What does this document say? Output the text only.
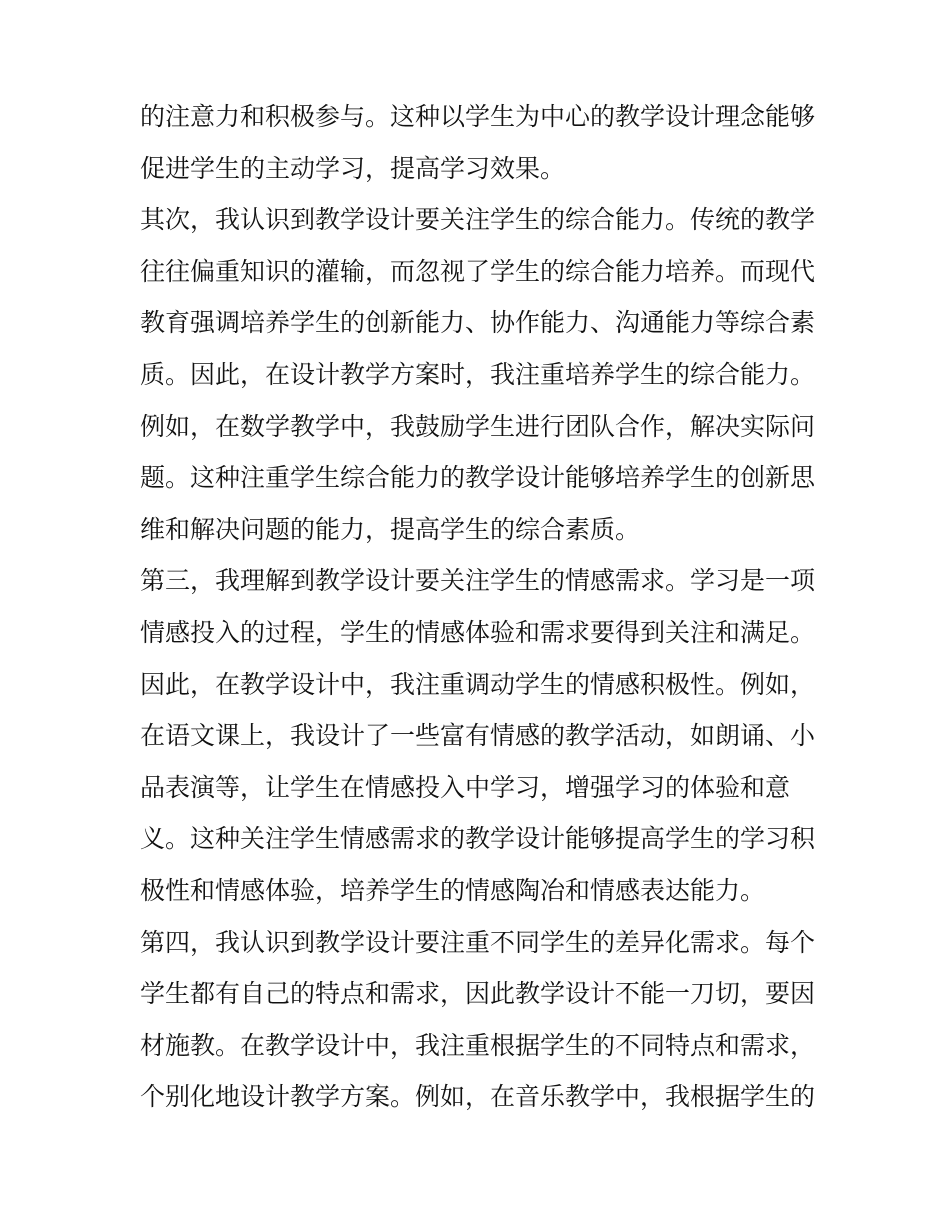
的注意力和积极参与。这种以学生为中心的教学设计理念能够
促进学生的主动学习，提高学习效果。
其次，我认识到教学设计要关注学生的综合能力。传统的教学
往往偏重知识的灌输，而忽视了学生的综合能力培养。而现代
教育强调培养学生的创新能力、协作能力、沟通能力等综合素
质。因此，在设计教学方案时，我注重培养学生的综合能力。
例如，在数学教学中，我鼓励学生进行团队合作，解决实际问
题。这种注重学生综合能力的教学设计能够培养学生的创新思
维和解决问题的能力，提高学生的综合素质。
第三，我理解到教学设计要关注学生的情感需求。学习是一项
情感投入的过程，学生的情感体验和需求要得到关注和满足。
因此，在教学设计中，我注重调动学生的情感积极性。例如，
在语文课上，我设计了一些富有情感的教学活动，如朗诵、小
品表演等，让学生在情感投入中学习，增强学习的体验和意
义。这种关注学生情感需求的教学设计能够提高学生的学习积
极性和情感体验，培养学生的情感陶冶和情感表达能力。
第四，我认识到教学设计要注重不同学生的差异化需求。每个
学生都有自己的特点和需求，因此教学设计不能一刀切，要因
材施教。在教学设计中，我注重根据学生的不同特点和需求，
个别化地设计教学方案。例如，在音乐教学中，我根据学生的
